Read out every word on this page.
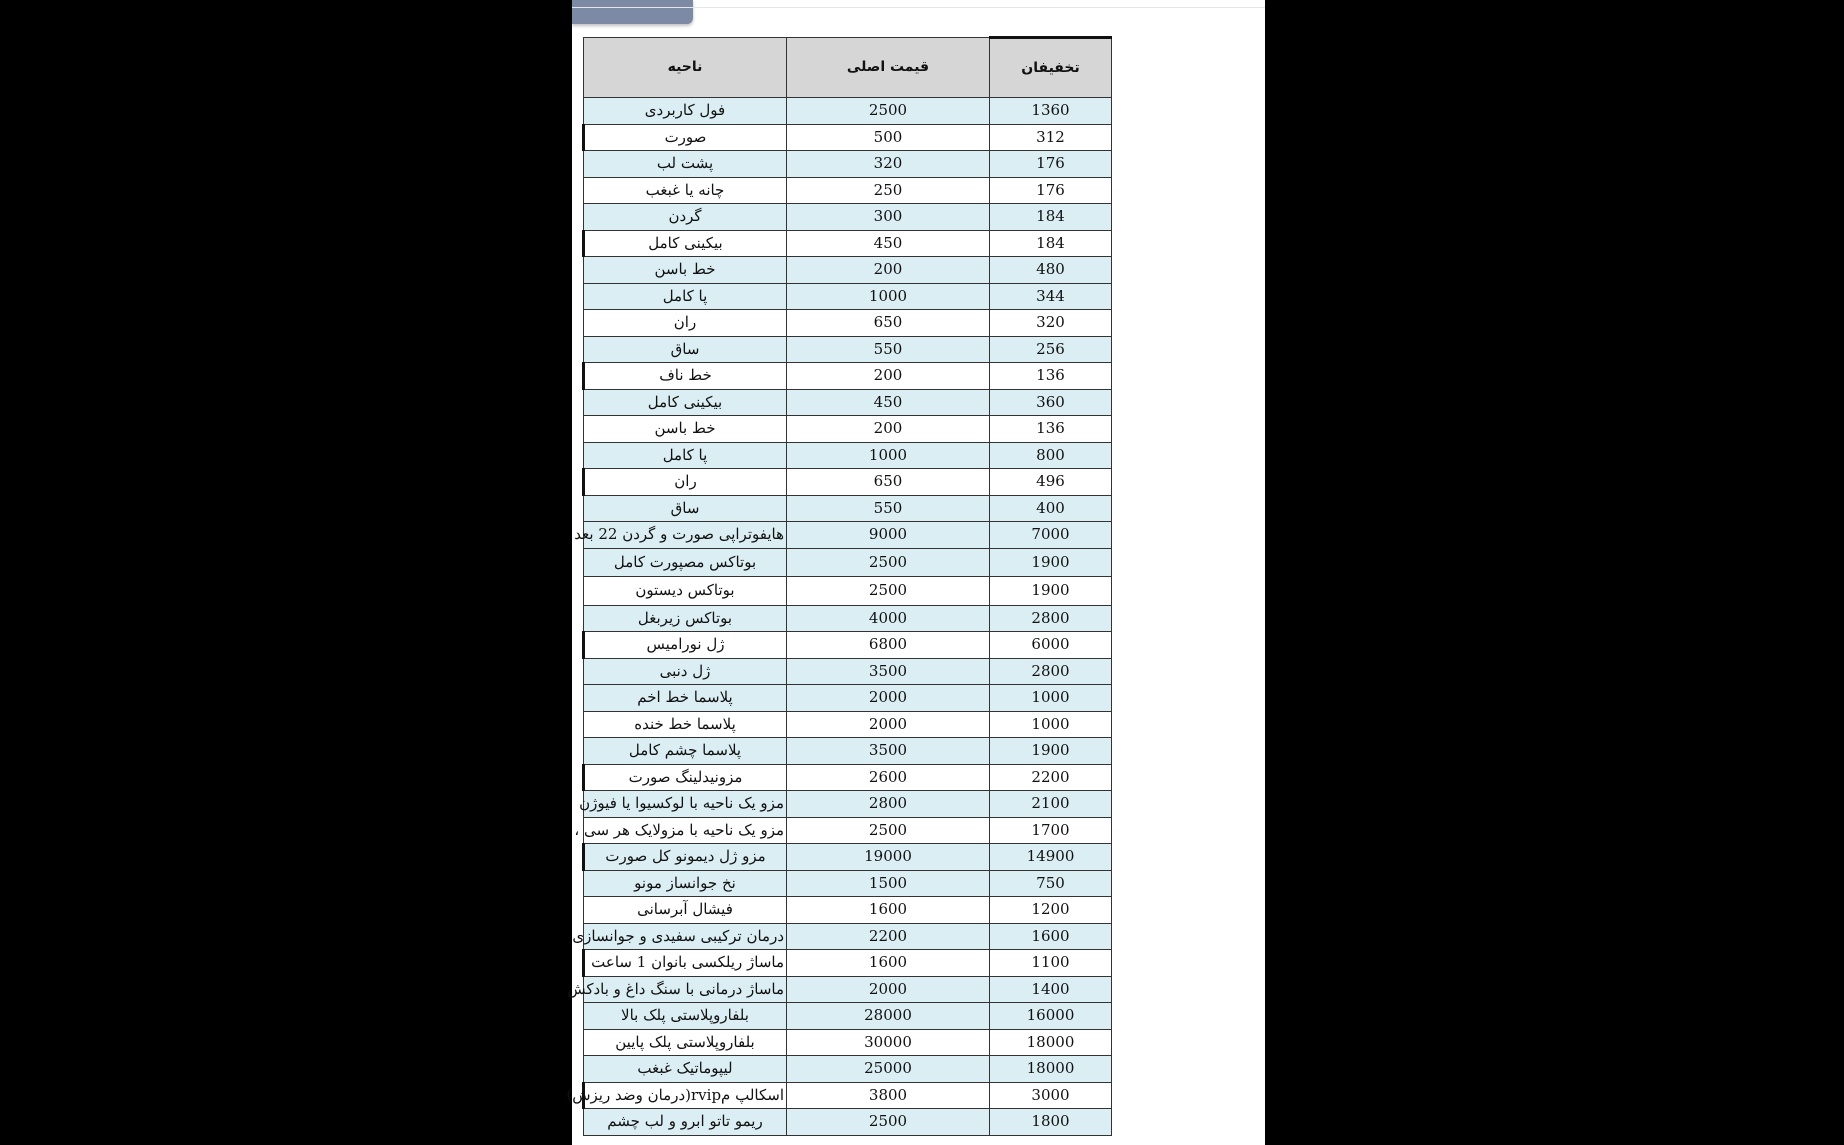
ناحیه	قیمت اصلی	تخفیفان
فول کاربردی	2500	1360
صورت	500	312
پشت لب	320	176
چانه یا غبغب	250	176
گردن	300	184
بیکینی کامل	450	184
خط باسن	200	480
پا کامل	1000	344
ران	650	320
ساق	550	256
خط ناف	200	136
بیکینی کامل	450	360
خط باسن	200	136
پا کامل	1000	800
ران	650	496
ساق	550	400
هایفوتراپی صورت و گردن 22 بعد	9000	7000
بوتاکس مصپورت کامل	2500	1900
بوتاکس دیستون	2500	1900
بوتاکس زیربغل	4000	2800
ژل نورامیس	6800	6000
ژل دنبی	3500	2800
پلاسما خط اخم	2000	1000
پلاسما خط خنده	2000	1000
پلاسما چشم کامل	3500	1900
مزونیدلینگ صورت	2600	2200
مزو یک ناحیه با لوکسیوا یا فیوژن	2800	2100
مزو یک ناحیه با مزولایک هر سی ،	2500	1700
مزو ژل دیمونو کل صورت	19000	14900
نخ جوانساز مونو	1500	750
فیشال آبرسانی	1600	1200
درمان ترکیبی سفیدی و جوانسازی	2200	1600
ماساژ ریلکسی بانوان 1 ساعت	1600	1100
ماساژ درمانی با سنگ داغ و بادکش	2000	1400
بلفاروپلاستی پلک بالا	28000	16000
بلفاروپلاستی پلک پایین	30000	18000
لیپوماتیک غبغب	25000	18000
اسکالپ مrvip(درمان وضد ریزش)	3800	3000
ریمو تاتو ابرو و لب چشم	2500	1800
